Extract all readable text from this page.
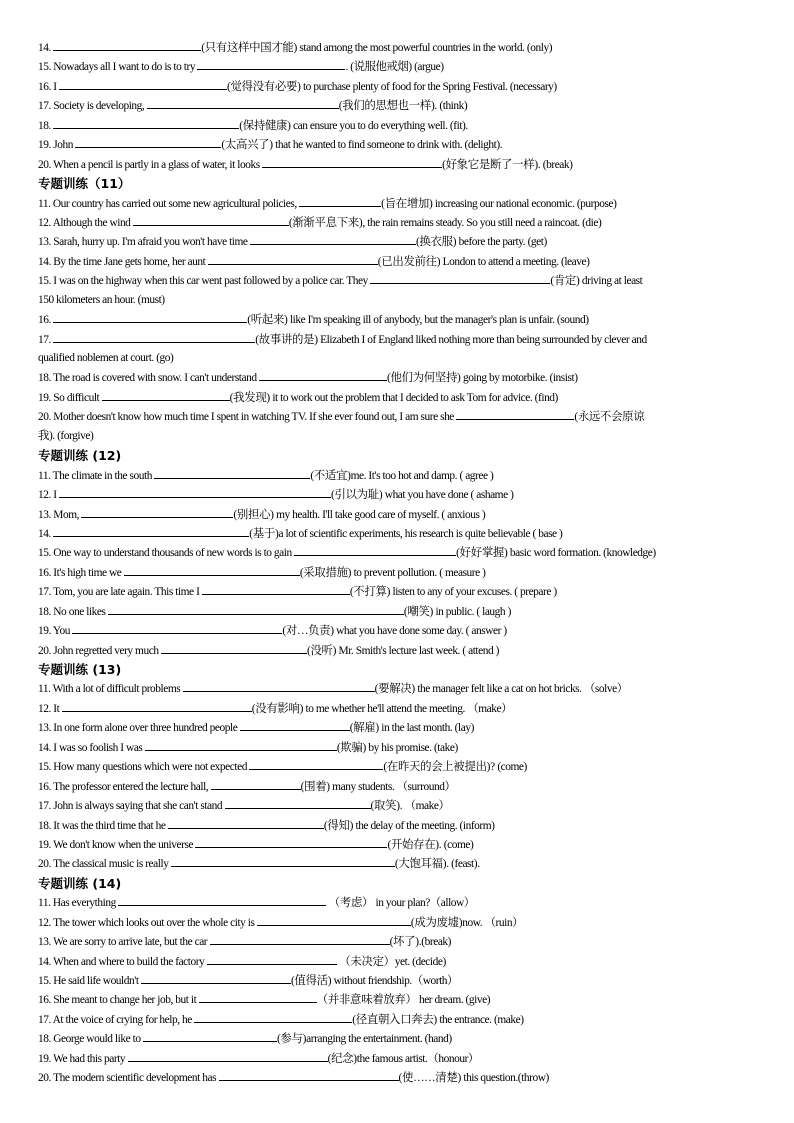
14.	(只有这样中国才能) stand among the most powerful countries in the world. (only)
15. Nowadays all I want to do is to try	. (说服他戒烟) (argue)
16. I	(觉得没有必要) to purchase plenty of food for the Spring Festival. (necessary)
17. Society is developing,	(我们的思想也一样). (think)
18.	(保持健康) can ensure you to do everything well. (fit).
19. John	(太高兴了) that he wanted to find someone to drink with. (delight).
20. When a pencil is partly in a glass of water, it looks	(好象它是断了一样). (break)
专题训练（11）
11. Our country has carried out some new agricultural policies,	(旨在增加) increasing our national economic. (purpose)
12. Although the wind	(渐渐平息下来), the rain remains steady. So you still need a raincoat. (die)
13. Sarah, hurry up. I'm afraid you won't have time	(换衣服) before the party. (get)
14. By the time Jane gets home, her aunt	(已出发前往) London to attend a meeting. (leave)
15. I was on the highway when this car went past followed by a police car. They	(肯定) driving at least
150 kilometers an hour. (must)
16.	(听起来) like I'm speaking ill of anybody, but the manager's plan is unfair. (sound)
17.	(故事讲的是) Elizabeth I of England liked nothing more than being surrounded by clever and
qualified noblemen at court. (go)
18. The road is covered with snow. I can't understand	(他们为何坚持) going by motorbike. (insist)
19. So difficult	(我发现) it to work out the problem that I decided to ask Tom for advice. (find)
20. Mother doesn't know how much time I spent in watching TV. If she ever found out, I am sure she	(永远不会原谅
我). (forgive)
专题训练 (12)
11. The climate in the south	(不适宜)me. It's too hot and damp. ( agree )
12. I	(引以为耻) what you have done ( ashame )
13. Mom,	(别担心) my health. I'll take good care of myself. ( anxious )
14.	(基于)a lot of scientific experiments, his research is quite believable ( base )
15. One way to understand thousands of new words is to gain	(好好掌握) basic word formation. (knowledge)
16. It's high time we	(采取措施) to prevent pollution. ( measure )
17. Tom, you are late again. This time I	(不打算) listen to any of your excuses. ( prepare )
18. No one likes	(嘲笑) in public. ( laugh )
19. You	(对…负责) what you have done some day. ( answer )
20. John regretted very much	(没听) Mr. Smith's lecture last week. ( attend )
专题训练 (13)
11. With a lot of difficult problems	(要解决) the manager felt like a cat on hot bricks. （solve）
12. It	(没有影响) to me whether he'll attend the meeting. （make）
13. In one form alone over three hundred people	(解雇) in the last month. (lay)
14. I was so foolish I was	(欺骗) by his promise. (take)
15. How many questions which were not expected	(在昨天的会上被提出)? (come)
16. The professor entered the lecture hall,	(围着) many students. （surround）
17. John is always saying that she can't stand	(取笑). （make）
18. It was the third time that he	(得知) the delay of the meeting. (inform)
19. We don't know when the universe	(开始存在). (come)
20. The classical music is really	(大饱耳福). (feast).
专题训练 (14)
11. Has everything	（考虑） in your plan?（allow）
12. The tower which looks out over the whole city is	(成为废墟)now. （ruin）
13. We are sorry to arrive late, but the car	(坏了).(break)
14. When and where to build the factory	（未决定）yet. (decide)
15. He said life wouldn't	(值得活) without friendship.（worth）
16. She meant to change her job, but it	（并非意味着放弃） her dream. (give)
17. At the voice of crying for help, he	(径直朝入口奔去) the entrance. (make)
18. George would like to	(参与)arranging the entertainment. (hand)
19. We had this party	(纪念)the famous artist.（honour）
20. The modern scientific development has	(使……清楚) this question.(throw)
